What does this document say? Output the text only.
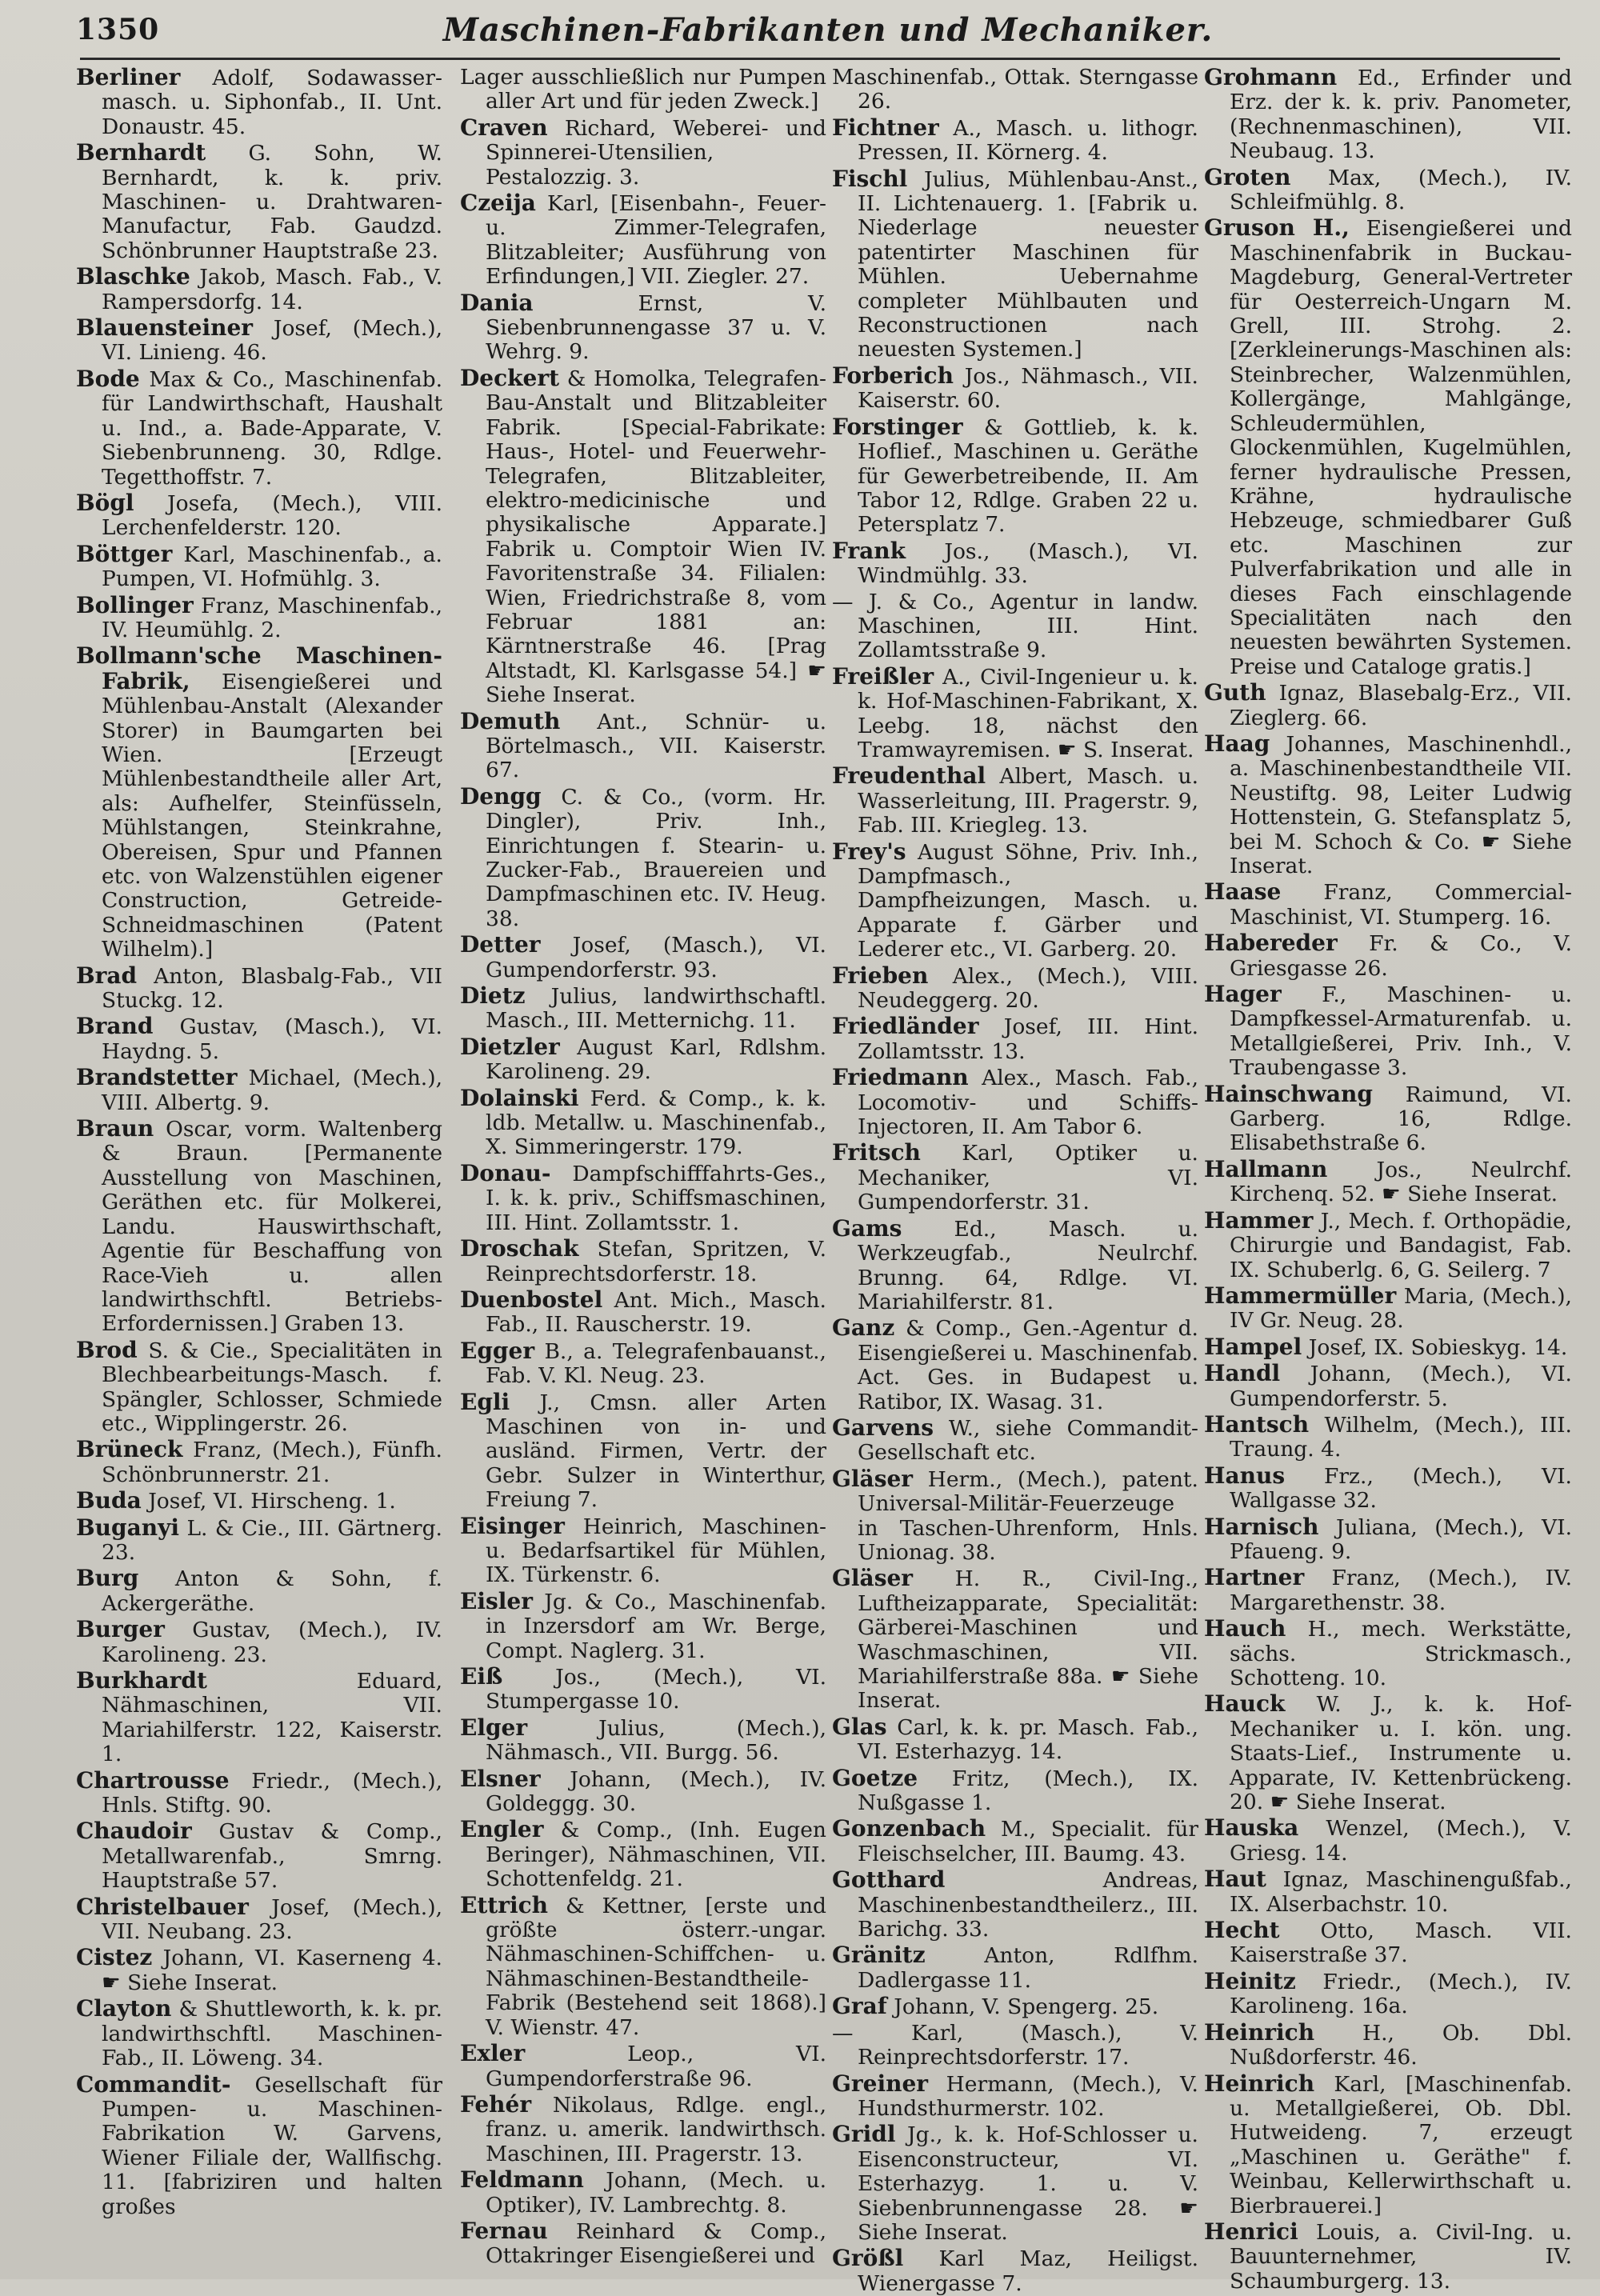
1350	Maschinen-Fabrikanten und Mechaniker.

Berliner Adolf, Sodawasser-masch. u. Siphonfab., II. Unt. Donaustr. 45.

Bernhardt G. Sohn, W. Bernhardt, k. k. priv. Maschinen- u. Drahtwaren-Manufactur, Fab. Gaudzd. Schönbrunner Hauptstraße 23.

Blaschke Jakob, Masch. Fab., V. Rampersdorfg. 14.

Blauensteiner Josef, (Mech.), VI. Linieng. 46.

Bode Max & Co., Maschinenfab. für Landwirthschaft, Haushalt u. Ind., a. Bade-Apparate, V. Siebenbrunneng. 30, Rdlge. Tegetthoffstr. 7.

Bögl Josefa, (Mech.), VIII. Lerchenfelderstr. 120.

Böttger Karl, Maschinenfab., a. Pumpen, VI. Hofmühlg. 3.

Bollinger Franz, Maschinenfab., IV. Heumühlg. 2.

Bollmann'sche Maschinen-Fabrik, Eisengießerei und Mühlenbau-Anstalt (Alexander Storer) in Baumgarten bei Wien. [Erzeugt Mühlenbestandtheile aller Art, als: Aufhelfer, Steinfüsseln, Mühlstangen, Steinkrahne, Obereisen, Spur und Pfannen etc. von Walzenstühlen eigener Construction, Getreide-Schneidmaschinen (Patent Wilhelm).]

Brad Anton, Blasbalg-Fab., VII Stuckg. 12.

Brand Gustav, (Masch.), VI. Haydng. 5.

Brandstetter Michael, (Mech.), VIII. Albertg. 9.

Braun Oscar, vorm. Waltenberg & Braun. [Permanente Ausstellung von Maschinen, Geräthen etc. für Molkerei, Landu. Hauswirthschaft, Agentie für Beschaffung von Race-Vieh u. allen landwirthschftl. Betriebs-Erfordernissen.] Graben 13.

Brod S. & Cie., Specialitäten in Blechbearbeitungs-Masch. f. Spängler, Schlosser, Schmiede etc., Wipplingerstr. 26.

Brüneck Franz, (Mech.), Fünfh. Schönbrunnerstr. 21.

Buda Josef, VI. Hirscheng. 1.

Buganyi L. & Cie., III. Gärtnerg. 23.

Burg Anton & Sohn, f. Ackergeräthe.

Burger Gustav, (Mech.), IV. Karolineng. 23.

Burkhardt	Eduard, Nähmaschinen, VII. Mariahilferstr. 122, Kaiserstr. 1.

Chartrousse Friedr., (Mech.), Hnls. Stiftg. 90.

Chaudoir Gustav & Comp., Metallwarenfab., Smrng. Hauptstraße 57.

Christelbauer Josef, (Mech.), VII. Neubang. 23.

Cistez Johann, VI. Kaserneng 4. ☛ Siehe Inserat.

Clayton & Shuttleworth, k. k. pr. landwirthschftl. Maschinen-Fab., II. Löweng. 34.

Commandit- Gesellschaft für Pumpen- u. Maschinen-Fabrikation W. Garvens, Wiener Filiale der, Wallfischg. 11. [fabriziren und halten großes

Lager ausschließlich nur Pumpen aller Art und für jeden Zweck.]

Craven Richard, Weberei- und Spinnerei-Utensilien, Pestalozzig. 3.

Czeija Karl, [Eisenbahn-, Feuer- u. Zimmer-Telegrafen, Blitzableiter; Ausführung von Erfindungen,] VII. Ziegler. 27.

Dania	Ernst, V. Siebenbrunnengasse 37 u. V. Wehrg. 9.

Deckert & Homolka, Telegrafen-Bau-Anstalt und Blitzableiter Fabrik. [Special-Fabrikate: Haus-, Hotel- und Feuerwehr-Telegrafen, Blitzableiter, elektro-medicinische und physikalische Apparate.] Fabrik u. Comptoir Wien IV. Favoritenstraße 34. Filialen: Wien, Friedrichstraße 8, vom Februar 1881 an: Kärntnerstraße 46. [Prag Altstadt, Kl. Karlsgasse 54.] ☛ Siehe Inserat.

Demuth Ant., Schnür- u. Börtelmasch., VII. Kaiserstr. 67.

Dengg C. & Co., (vorm. Hr. Dingler), Priv. Inh., Einrichtungen f. Stearin- u. Zucker-Fab., Brauereien und Dampfmaschinen etc. IV. Heug. 38.

Detter Josef, (Masch.), VI. Gumpendorferstr. 93.

Dietz Julius, landwirthschaftl. Masch., III. Metternichg. 11.

Dietzler August Karl, Rdlshm. Karolineng. 29.

Dolainski Ferd. & Comp., k. k. ldb. Metallw. u. Maschinenfab., X. Simmeringerstr. 179.

Donau- Dampfschifffahrts-Ges., I. k. k. priv., Schiffsmaschinen, III. Hint. Zollamtsstr. 1.

Droschak Stefan, Spritzen, V. Reinprechtsdorferstr. 18.

Duenbostel Ant. Mich., Masch. Fab., II. Rauscherstr. 19.

Egger B., a. Telegrafenbauanst., Fab. V. Kl. Neug. 23.

Egli J., Cmsn. aller Arten Maschinen von in- und ausländ. Firmen, Vertr. der Gebr. Sulzer in Winterthur, Freiung 7.

Eisinger Heinrich, Maschinen- u. Bedarfsartikel für Mühlen, IX. Türkenstr. 6.

Eisler Jg. & Co., Maschinenfab. in Inzersdorf am Wr. Berge, Compt. Naglerg. 31.

Eiß Jos., (Mech.), VI. Stumpergasse 10.

Elger	Julius, (Mech.), Nähmasch., VII. Burgg. 56.

Elsner Johann, (Mech.), IV. Goldeggg. 30.

Engler & Comp., (Inh. Eugen Beringer), Nähmaschinen, VII. Schottenfeldg. 21.

Ettrich & Kettner, [erste und größte österr.-ungar. Nähmaschinen-Schiffchen- u. Nähmaschinen-Bestandtheile-Fabrik (Bestehend seit 1868).] V. Wienstr. 47.

Exler	Leop., VI. Gumpendorferstraße 96.

Fehér Nikolaus, Rdlge. engl., franz. u. amerik. landwirthsch. Maschinen, III. Pragerstr. 13.

Feldmann Johann, (Mech. u. Optiker), IV. Lambrechtg. 8.

Fernau Reinhard & Comp., Ottakringer Eisengießerei und

Maschinenfab., Ottak. Sterngasse 26.

Fichtner A., Masch. u. lithogr. Pressen, II. Körnerg. 4.

Fischl Julius, Mühlenbau-Anst., II. Lichtenauerg. 1. [Fabrik u. Niederlage neuester patentirter Maschinen für Mühlen. Uebernahme completer Mühlbauten und Reconstructionen nach neuesten Systemen.]

Forberich Jos., Nähmasch., VII. Kaiserstr. 60.

Forstinger & Gottlieb, k. k. Hoflief., Maschinen u. Geräthe für Gewerbetreibende, II. Am Tabor 12, Rdlge. Graben 22 u. Petersplatz 7.

Frank Jos., (Masch.), VI. Windmühlg. 33.

— J. & Co., Agentur in landw. Maschinen, III. Hint. Zollamtsstraße 9.

Freißler A., Civil-Ingenieur u. k. k. Hof-Maschinen-Fabrikant, X. Leebg. 18, nächst den Tramwayremisen. ☛ S. Inserat.

Freudenthal Albert, Masch. u. Wasserleitung, III. Pragerstr. 9, Fab. III. Kriegleg. 13.

Frey's August Söhne, Priv. Inh., Dampfmasch., Dampfheizungen, Masch. u. Apparate f. Gärber und Lederer etc., VI. Garberg. 20.

Frieben Alex., (Mech.), VIII. Neudeggerg. 20.

Friedländer Josef, III. Hint. Zollamtsstr. 13.

Friedmann Alex., Masch. Fab., Locomotiv- und Schiffs-Injectoren, II. Am Tabor 6.

Fritsch Karl, Optiker u. Mechaniker, VI. Gumpendorferstr. 31.

Gams Ed., Masch. u. Werkzeugfab., Neulrchf. Brunng. 64, Rdlge. VI. Mariahilferstr. 81.

Ganz & Comp., Gen.-Agentur d. Eisengießerei u. Maschinenfab. Act. Ges. in Budapest u. Ratibor, IX. Wasag. 31.

Garvens W., siehe Commandit-Gesellschaft etc.

Gläser Herm., (Mech.), patent. Universal-Militär-Feuerzeuge in Taschen-Uhrenform, Hnls. Unionag. 38.

Gläser H. R., Civil-Ing., Luftheizapparate, Specialität: Gärberei-Maschinen und Waschmaschinen, VII. Mariahilferstraße 88a. ☛ Siehe Inserat.

Glas Carl, k. k. pr. Masch. Fab., VI. Esterhazyg. 14.

Goetze Fritz, (Mech.), IX. Nußgasse 1.

Gonzenbach M., Specialit. für Fleischselcher, III. Baumg. 43.

Gotthard	Andreas, Maschinenbestandtheilerz., III. Barichg. 33.

Gränitz	Anton, Rdlfhm. Dadlergasse 11.

Graf Johann, V. Spengerg. 25.

— Karl, (Masch.), V. Reinprechtsdorferstr. 17.

Greiner Hermann, (Mech.), V. Hundsthurmerstr. 102.

Gridl Jg., k. k. Hof-Schlosser u. Eisenconstructeur, VI. Esterhazyg. 1. u. V. Siebenbrunnengasse 28. ☛ Siehe Inserat.

Größl Karl Maz, Heiligst. Wienergasse 7.

Grohmann Ed., Erfinder und Erz. der k. k. priv. Panometer, (Rechnenmaschinen), VII. Neubaug. 13.

Groten Max, (Mech.), IV. Schleifmühlg. 8.

Gruson H., Eisengießerei und Maschinenfabrik in Buckau-Magdeburg, General-Vertreter für Oesterreich-Ungarn M. Grell, III. Strohg. 2. [Zerkleinerungs-Maschinen als: Steinbrecher, Walzenmühlen, Kollergänge, Mahlgänge, Schleudermühlen, Glockenmühlen, Kugelmühlen, ferner hydraulische Pressen, Krähne, hydraulische Hebzeuge, schmiedbarer Guß etc. Maschinen zur Pulverfabrikation und alle in dieses Fach einschlagende Specialitäten nach den neuesten bewährten Systemen. Preise und Cataloge gratis.]

Guth Ignaz, Blasebalg-Erz., VII. Zieglerg. 66.

Haag Johannes, Maschinenhdl., a. Maschinenbestandtheile VII. Neustiftg. 98, Leiter Ludwig Hottenstein, G. Stefansplatz 5, bei M. Schoch & Co. ☛ Siehe Inserat.

Haase Franz, Commercial-Maschinist, VI. Stumperg. 16.

Habereder Fr. & Co., V. Griesgasse 26.

Hager F., Maschinen- u. Dampfkessel-Armaturenfab. u. Metallgießerei, Priv. Inh., V. Traubengasse 3.

Hainschwang Raimund, VI. Garberg. 16, Rdlge. Elisabethstraße 6.

Hallmann Jos., Neulrchf. Kirchenq. 52. ☛ Siehe Inserat.

Hammer J., Mech. f. Orthopädie, Chirurgie und Bandagist, Fab. IX. Schuberlg. 6, G. Seilerg. 7

Hammermüller Maria, (Mech.), IV Gr. Neug. 28.

Hampel Josef, IX. Sobieskyg. 14.

Handl Johann, (Mech.), VI. Gumpendorferstr. 5.

Hantsch Wilhelm, (Mech.), III. Traung. 4.

Hanus Frz., (Mech.), VI. Wallgasse 32.

Harnisch Juliana, (Mech.), VI. Pfaueng. 9.

Hartner Franz, (Mech.), IV. Margarethenstr. 38.

Hauch H., mech. Werkstätte, sächs. Strickmasch., Schotteng. 10.

Hauck W. J., k. k. Hof-Mechaniker u. I. kön. ung. Staats-Lief., Instrumente u. Apparate, IV. Kettenbrückeng. 20. ☛ Siehe Inserat.

Hauska Wenzel, (Mech.), V. Griesg. 14.

Haut Ignaz, Maschinengußfab., IX. Alserbachstr. 10.

Hecht Otto, Masch. VII. Kaiserstraße 37.

Heinitz Friedr., (Mech.), IV. Karolineng. 16a.

Heinrich H., Ob. Dbl. Nußdorferstr. 46.

Heinrich Karl, [Maschinenfab. u. Metallgießerei, Ob. Dbl. Hutweideng. 7, erzeugt „Maschinen u. Geräthe" f. Weinbau, Kellerwirthschaft u. Bierbrauerei.]

Henrici Louis, a. Civil-Ing. u. Bauunternehmer, IV. Schaumburgerg. 13.
